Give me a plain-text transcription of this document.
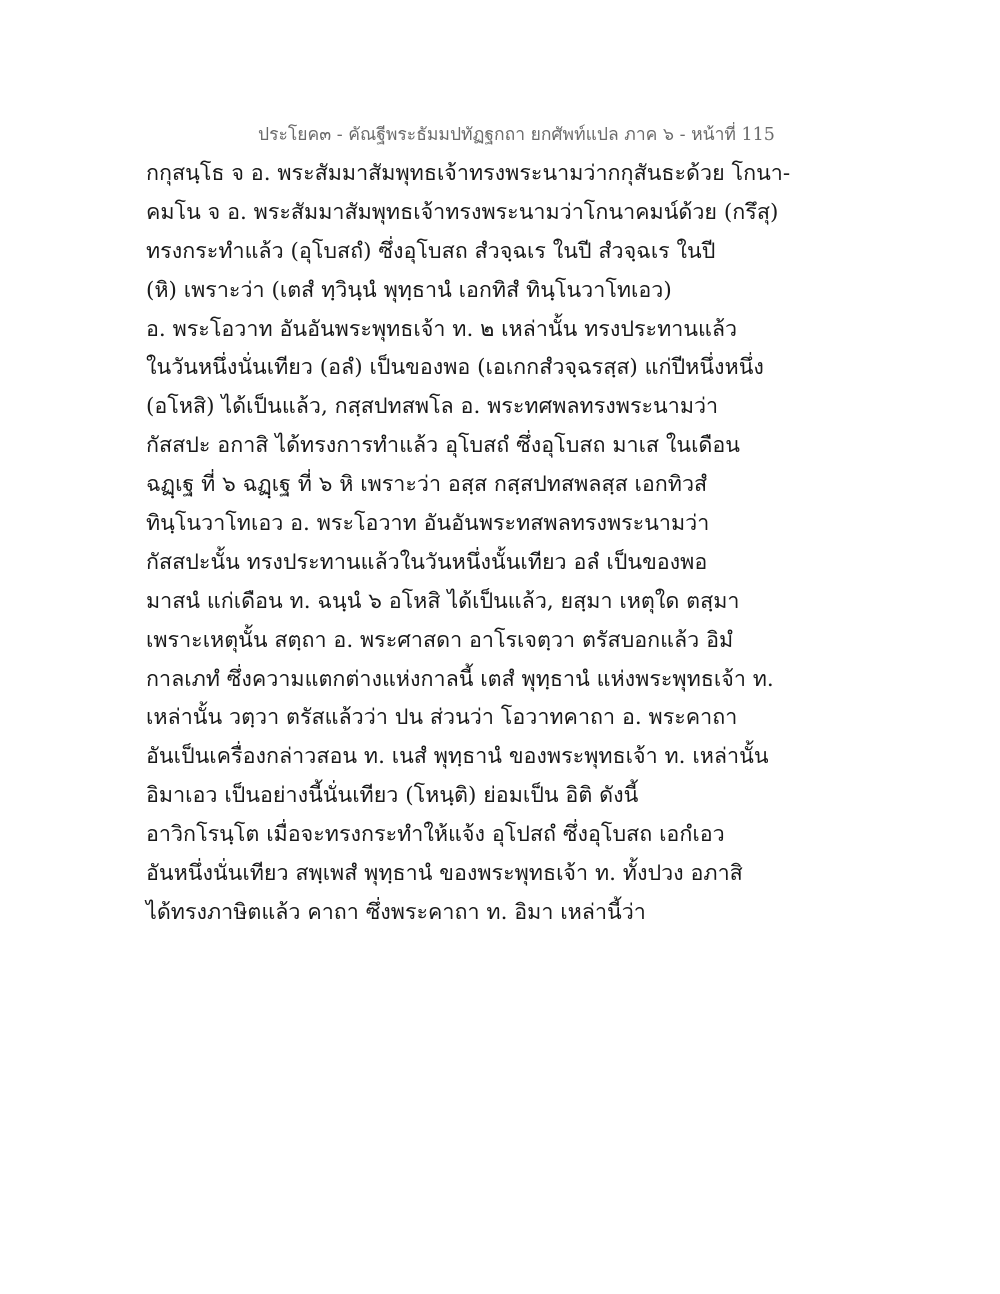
ประโยค๓ - คัณฐีพระธัมมปทัฏฐกถา ยกศัพท์แปล ภาค ๖ - หน้าที่ 115
กกุสนฺโธ จ อ. พระสัมมาสัมพุทธเจ้าทรงพระนามว่ากกุสันธะด้วย โกนา-
คมโน จ อ. พระสัมมาสัมพุทธเจ้าทรงพระนามว่าโกนาคมน์ด้วย (กรึสุ)
ทรงกระทำแล้ว (อุโบสถํ) ซึ่งอุโบสถ สํวจฺฉเร ในปี สํวจฺฉเร ในปี
(หิ) เพราะว่า (เตสํ ทฺวินฺนํ พุทฺธานํ เอกทิสํ ทินฺโนวาโทเอว)
อ. พระโอวาท อันอันพระพุทธเจ้า ท. ๒ เหล่านั้น ทรงประทานแล้ว
ในวันหนึ่งนั่นเทียว (อลํ) เป็นของพอ (เอเกกสํวจฺฉรสฺส) แก่ปีหนึ่งหนึ่ง
(อโหสิ) ได้เป็นแล้ว, กสฺสปทสพโล อ. พระทศพลทรงพระนามว่า
กัสสปะ อกาสิ ได้ทรงการทำแล้ว อุโบสถํ ซึ่งอุโบสถ มาเส ในเดือน
ฉฏฺเฐ ที่ ๖ ฉฏฺเฐ ที่ ๖ หิ เพราะว่า อสฺส กสฺสปทสพลสฺส เอกทิวสํ
ทินฺโนวาโทเอว อ. พระโอวาท อันอันพระทสพลทรงพระนามว่า
กัสสปะนั้น ทรงประทานแล้วในวันหนึ่งนั้นเทียว อลํ เป็นของพอ
มาสนํ แก่เดือน ท. ฉนฺนํ ๖ อโหสิ ได้เป็นแล้ว, ยสฺมา เหตุใด ตสฺมา
เพราะเหตุนั้น สตฺถา อ. พระศาสดา อาโรเจตฺวา ตรัสบอกแล้ว อิมํ
กาลเภทํ ซึ่งความแตกต่างแห่งกาลนี้ เตสํ พุทฺธานํ แห่งพระพุทธเจ้า ท.
เหล่านั้น วตฺวา ตรัสแล้วว่า ปน ส่วนว่า โอวาทคาถา อ. พระคาถา
อันเป็นเครื่องกล่าวสอน ท. เนสํ พุทฺธานํ ของพระพุทธเจ้า ท. เหล่านั้น
อิมาเอว เป็นอย่างนี้นั่นเทียว (โหนฺติ) ย่อมเป็น อิติ ดังนี้
อาวิกโรนฺโต เมื่อจะทรงกระทำให้แจ้ง อุโปสถํ ซึ่งอุโบสถ เอกํเอว
อันหนึ่งนั่นเทียว สพฺเพสํ พุทฺธานํ ของพระพุทธเจ้า ท. ทั้งปวง อภาสิ
ได้ทรงภาษิตแล้ว คาถา ซึ่งพระคาถา ท. อิมา เหล่านี้ว่า
